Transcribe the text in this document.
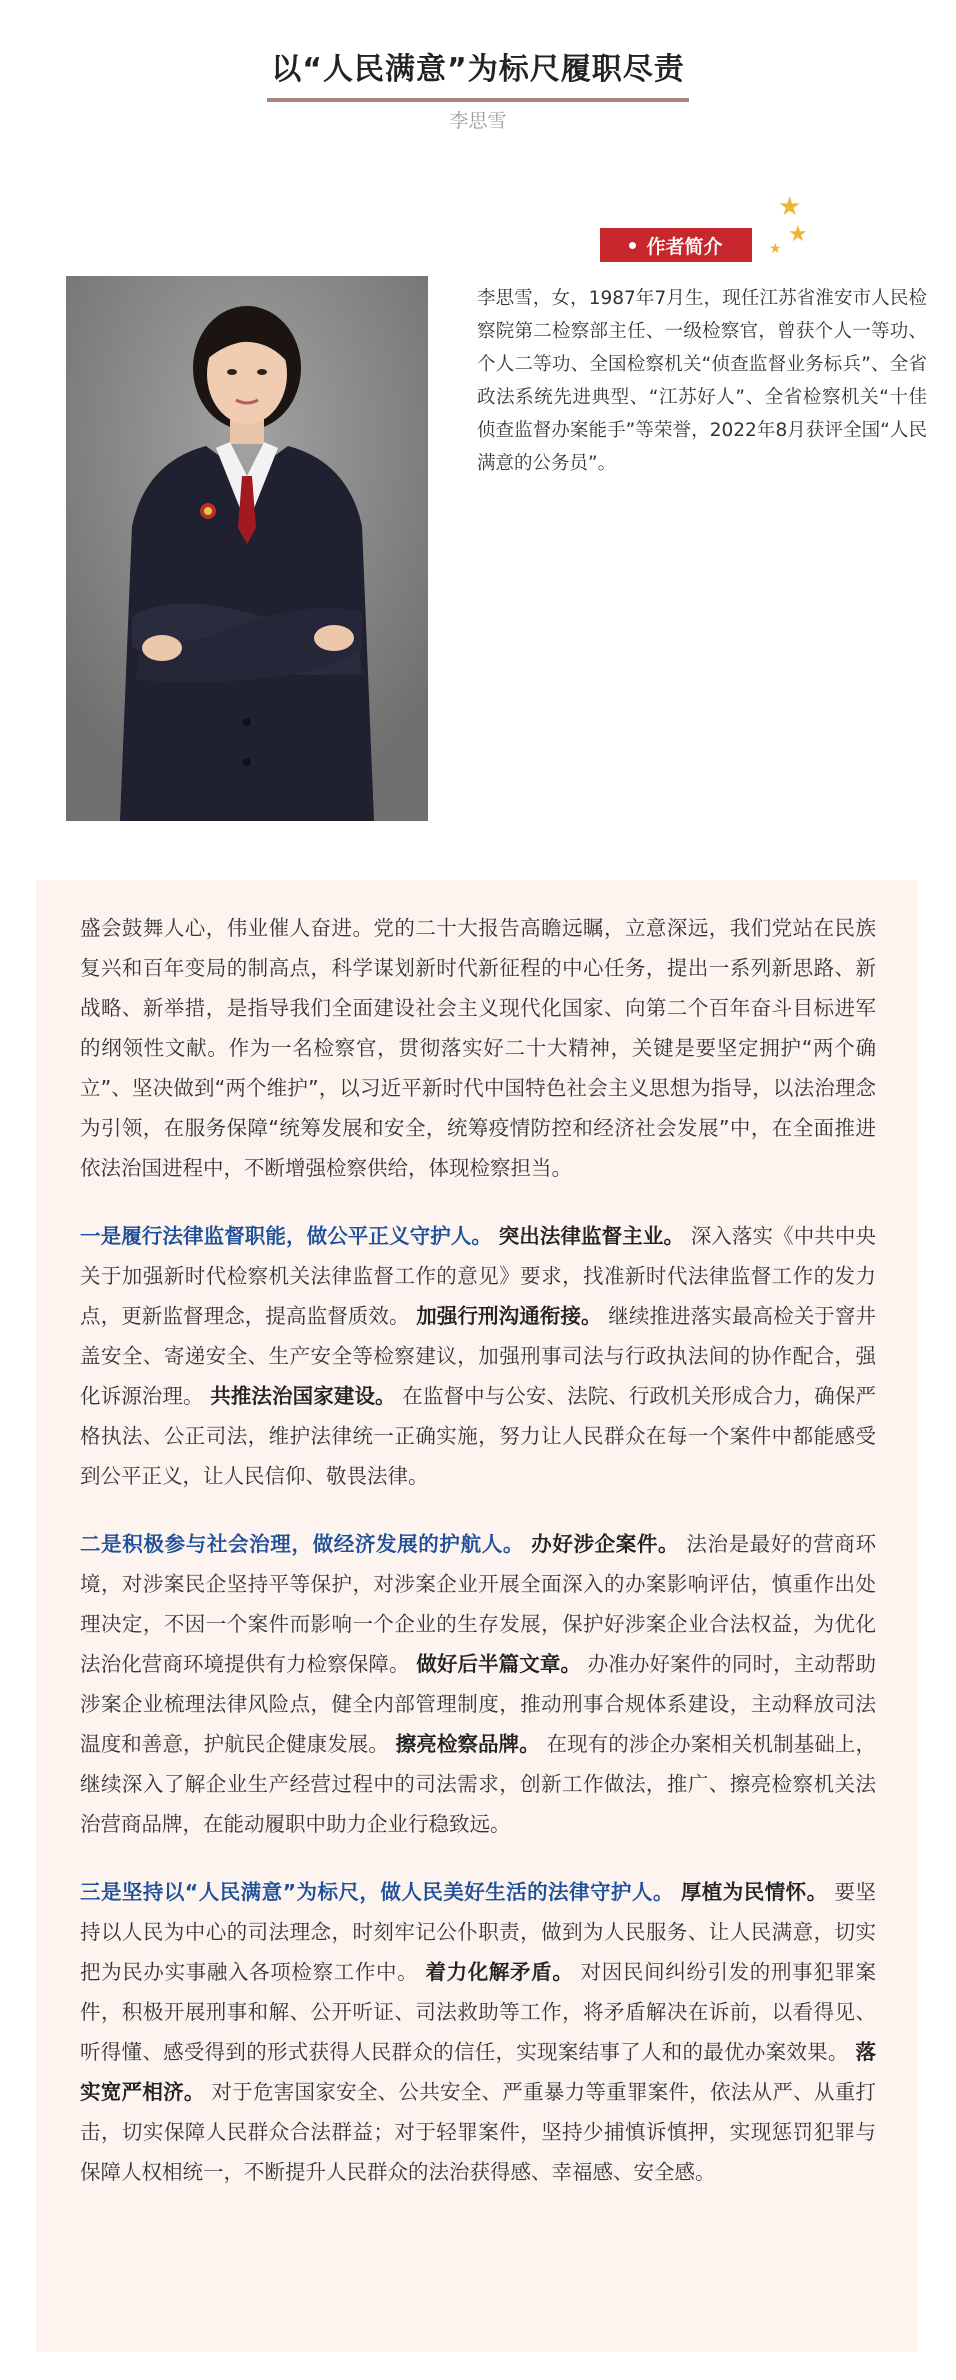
以“人民满意”为标尺履职尽责
李思雪
★
★
★
作者简介
李思雪，女，1987年7月生，现任江苏省淮安市人民检察院第二检察部主任、一级检察官，曾获个人一等功、个人二等功、全国检察机关“侦查监督业务标兵”、全省政法系统先进典型、“江苏好人”、全省检察机关“十佳侦查监督办案能手”等荣誉，2022年8月获评全国“人民满意的公务员”。

盛会鼓舞人心，伟业催人奋进。党的二十大报告高瞻远瞩，立意深远，我们党站在民族复兴和百年变局的制高点，科学谋划新时代新征程的中心任务，提出一系列新思路、新战略、新举措，是指导我们全面建设社会主义现代化国家、向第二个百年奋斗目标进军的纲领性文献。作为一名检察官，贯彻落实好二十大精神，关键是要坚定拥护“两个确立”、坚决做到“两个维护”，以习近平新时代中国特色社会主义思想为指导，以法治理念为引领，在服务保障“统筹发展和安全，统筹疫情防控和经济社会发展”中，在全面推进依法治国进程中，不断增强检察供给，体现检察担当。

一是履行法律监督职能，做公平正义守护人。 突出法律监督主业。 深入落实《中共中央关于加强新时代检察机关法律监督工作的意见》要求，找准新时代法律监督工作的发力点，更新监督理念，提高监督质效。 加强行刑沟通衔接。 继续推进落实最高检关于窨井盖安全、寄递安全、生产安全等检察建议，加强刑事司法与行政执法间的协作配合，强化诉源治理。 共推法治国家建设。 在监督中与公安、法院、行政机关形成合力，确保严格执法、公正司法，维护法律统一正确实施，努力让人民群众在每一个案件中都能感受到公平正义，让人民信仰、敬畏法律。

二是积极参与社会治理，做经济发展的护航人。 办好涉企案件。 法治是最好的营商环境，对涉案民企坚持平等保护，对涉案企业开展全面深入的办案影响评估，慎重作出处理决定，不因一个案件而影响一个企业的生存发展，保护好涉案企业合法权益，为优化法治化营商环境提供有力检察保障。 做好后半篇文章。 办准办好案件的同时，主动帮助涉案企业梳理法律风险点，健全内部管理制度，推动刑事合规体系建设，主动释放司法温度和善意，护航民企健康发展。 擦亮检察品牌。 在现有的涉企办案相关机制基础上，继续深入了解企业生产经营过程中的司法需求，创新工作做法，推广、擦亮检察机关法治营商品牌，在能动履职中助力企业行稳致远。

三是坚持以“人民满意”为标尺，做人民美好生活的法律守护人。 厚植为民情怀。 要坚持以人民为中心的司法理念，时刻牢记公仆职责，做到为人民服务、让人民满意，切实把为民办实事融入各项检察工作中。 着力化解矛盾。 对因民间纠纷引发的刑事犯罪案件，积极开展刑事和解、公开听证、司法救助等工作，将矛盾解决在诉前，以看得见、听得懂、感受得到的形式获得人民群众的信任，实现案结事了人和的最优办案效果。 落实宽严相济。 对于危害国家安全、公共安全、严重暴力等重罪案件，依法从严、从重打击，切实保障人民群众合法群益；对于轻罪案件，坚持少捕慎诉慎押，实现惩罚犯罪与保障人权相统一，不断提升人民群众的法治获得感、幸福感、安全感。
